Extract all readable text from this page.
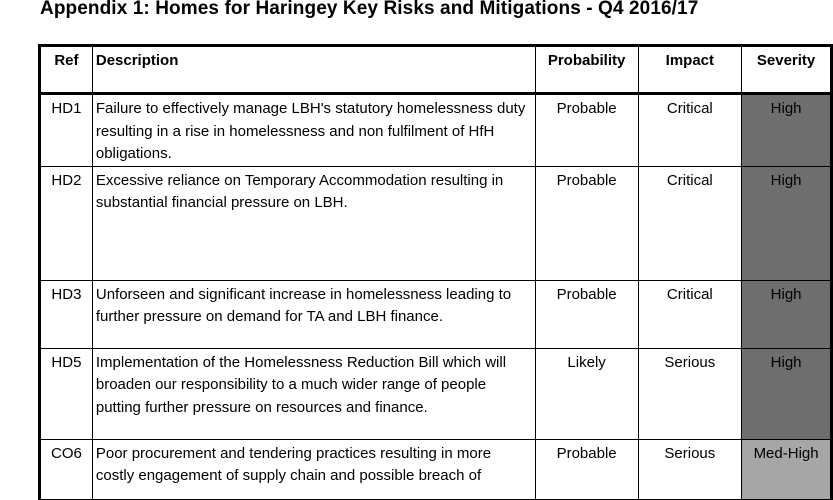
Appendix 1: Homes for Haringey Key Risks and Mitigations - Q4 2016/17
Ref	Description	Probability	Impact	Severity
HD1	Failure to effectively manage LBH's statutory homelessness duty resulting in a rise in homelessness and non fulfilment of HfH obligations.	Probable	Critical	High
HD2	Excessive reliance on Temporary Accommodation resulting in substantial financial pressure on LBH.	Probable	Critical	High
HD3	Unforseen and significant increase in homelessness leading to further pressure on demand for TA and LBH finance.	Probable	Critical	High
HD5	Implementation of the Homelessness Reduction Bill which will broaden our responsibility to a much wider range of people putting further pressure on resources and finance.	Likely	Serious	High
CO6	Poor procurement and tendering practices resulting in more costly engagement of supply chain and possible breach of	Probable	Serious	Med-High
